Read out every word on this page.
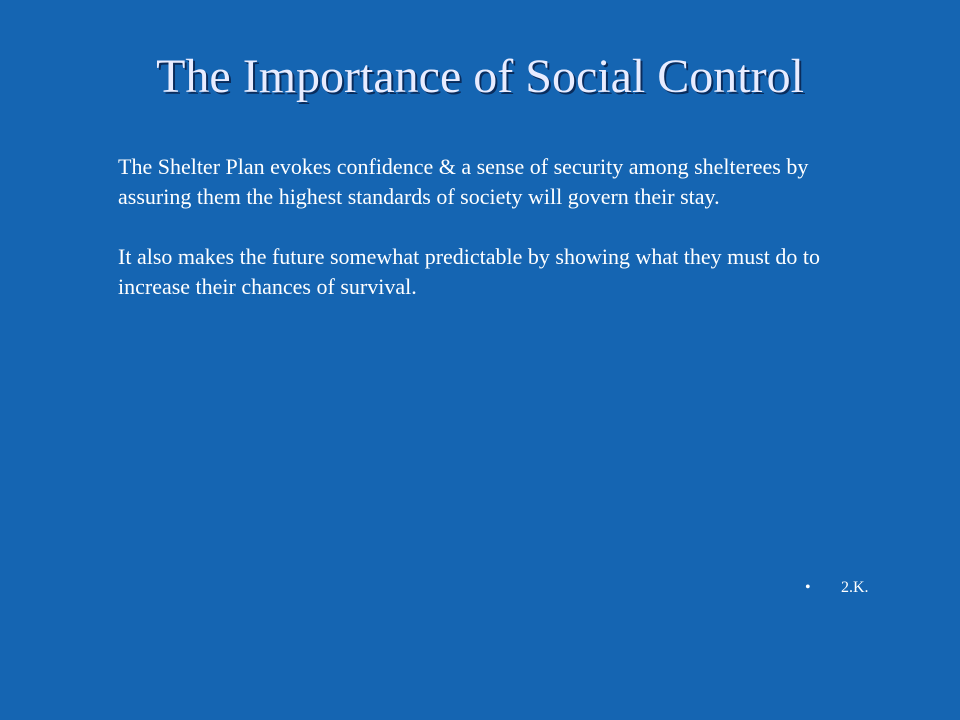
The Importance of Social Control

The Shelter Plan evokes confidence & a sense of security among shelterees by assuring them the highest standards of society will govern their stay.

It also makes the future somewhat predictable by showing what they must do to increase their chances of survival.

• 2.K.
